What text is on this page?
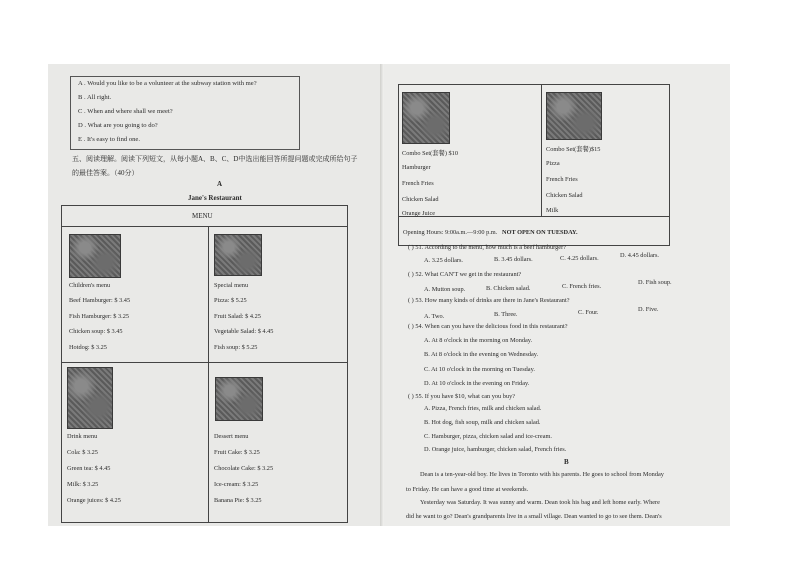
A . Would you like to be a volunteer at the subway station with me?
B . All right.
C . When and where shall we meet?
D . What are you going to do?
E . It's easy to find one.
五、阅读理解。阅读下列短文，从每小题A、B、C、D中选出能回答所提问题或完成所给句子
的最佳答案。（40分）
A
Jane's Restaurant
MENU
Children's menu
Beef Hamburger: $ 3.45
Fish Hamburger: $ 3.25
Chicken soup: $ 3.45
Hotdog: $ 3.25
Special menu
Pizza: $ 5.25
Fruit Salad: $ 4.25
Vegetable Salad: $ 4.45
Fish soup: $ 5.25
Drink menu
Cola: $ 3.25
Green tea: $ 4.45
Milk: $ 3.25
Orange juices: $ 4.25
Dessert menu
Fruit Cake: $ 3.25
Chocolate Cake: $ 3.25
Ice-cream: $ 3.25
Banana Pie: $ 3.25
Combo Set(套餐) $10
Hamburger
French Fries
Chicken Salad
Orange Juice
Combo Set(套餐)$15
Pizza
French Fries
Chicken Salad
Milk
Opening Hours: 9:00a.m.—9:00 p.m. NOT OPEN ON TUESDAY.
( ) 51. According to the menu, how much is a beef hamburger?
A. 3.25 dollars.	B. 3.45 dollars.	C. 4.25 dollars.	D. 4.45 dollars.
( ) 52. What CAN'T we get in the restaurant?
A. Mutton soup.	B. Chicken salad.	C. French fries.
D. Fish soup.
( ) 53. How many kinds of drinks are there in Jane's Restaurant?
A. Two.	B. Three.	C. Four.	D. Five.
( ) 54. When can you have the delicious food in this restaurant?
A. At 8 o'clock in the morning on Monday.
B. At 8 o'clock in the evening on Wednesday.
C. At 10 o'clock in the morning on Tuesday.
D. At 10 o'clock in the evening on Friday.
( ) 55. If you have $10, what can you buy?
A. Pizza, French fries, milk and chicken salad.
B. Hot dog, fish soup, milk and chicken salad.
C. Hamburger, pizza, chicken salad and ice-cream.
D. Orange juice, hamburger, chicken salad, French fries.
B
Dean is a ten-year-old boy. He lives in Toronto with his parents. He goes to school from Monday
to Friday. He can have a good time at weekends.
Yesterday was Saturday. It was sunny and warm. Dean took his bag and left home early. Where
did he want to go? Dean's grandparents live in a small village. Dean wanted to go to see them. Dean's
